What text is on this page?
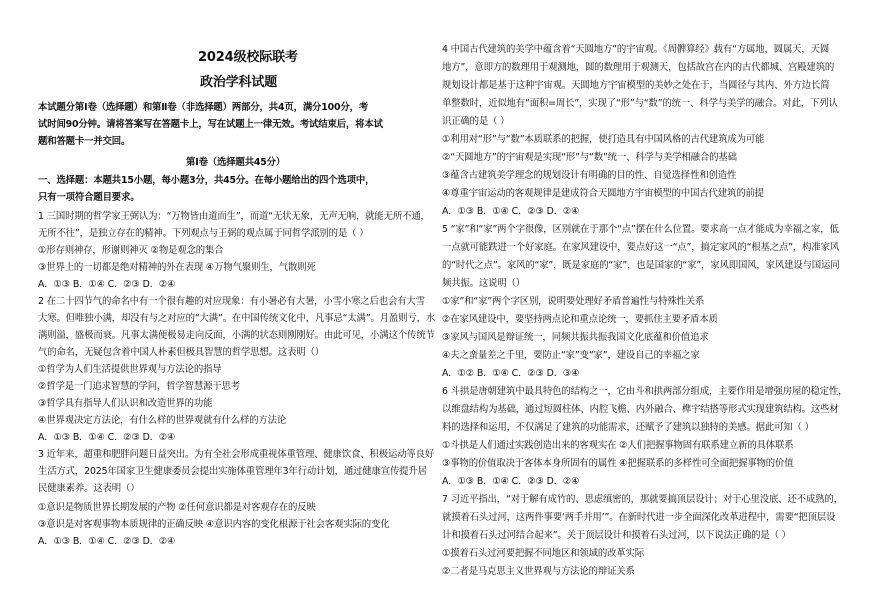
2024级校际联考
政治学科试题
本试题分第Ⅰ卷（选择题）和第Ⅱ卷（非选择题）两部分，共4页，满分100分，考
试时间90分钟。请将答案写在答题卡上，写在试题上一律无效。考试结束后，将本试
题和答题卡一并交回。
第Ⅰ卷（选择题共45分）
一、选择题：本题共15小题，每小题3分，共45分。在每小题给出的四个选项中，
只有一项符合题目要求。
1 三国时期的哲学家王弼认为：“万物皆由道而生”，而道“无状无象，无声无响，就能无所不通，
无所不往”，是独立存在的精神。下列观点与王弼的观点属于同哲学派别的是（ ）
①形存则神存，形谢则神灭 ②物是观念的集合
③世界上的一切都是绝对精神的外在表现 ④万物气聚则生，气散则死
A．①③ B．①④ C．②③ D．②④
2 在二十四节气的命名中有一个很有趣的对应现象：有小暑必有大暑，小雪小寒之后也会有大雪
大寒。但唯独小满，却没有与之对应的“大满”。在中国传统文化中，凡事忌“太满”。月盈则亏，水
满则溢，盛极而衰。凡事太满便极易走向反面，小满的状态则刚刚好。由此可见，小满这个传统节
气的命名，无疑包含着中国人朴素但极具智慧的哲学思想。这表明（）
①哲学为人们生活提供世界观与方法论的指导
②哲学是一门追求智慧的学问，哲学智慧源于思考
③哲学具有指导人们认识和改造世界的功能
④世界观决定方法论，有什么样的世界观就有什么样的方法论
A．①③ B．①④ C．②③ D．②④
3 近年来，超重和肥胖问题日益突出。为有全社会形成重视体重管理、健康饮食、积极运动等良好
生活方式，2025年国家卫生健康委员会提出实施体重管理年3年行动计划，通过健康宣传提升居
民健康素养。这表明（）
①意识是物质世界长期发展的产物 ②任何意识都是对客观存在的反映
③意识是对客观事物本质规律的正确反映 ④意识内容的变化根源于社会客观实际的变化
A．①③ B．①④ C．②③ D．②④
4 中国古代建筑的美学中蕴含着“天圆地方”的宇宙观。《周髀算经》载有“方属地，圆属天，天圆
地方”，意即方的数理用于观测地，圆的数理用于观测天，包括故宫在内的古代都城、宫殿建筑的
规划设计都是基于这种宇宙观。天圆地方宇宙模型的美妙之处在于，当圆径与其内、外方边长简
单整数时，近似地有“面积=周长”，实现了“形”与“数”的统一、科学与美学的融合。对此，下列认
识正确的是（ ）
①利用对“形”与“数”本质联系的把握，使打造具有中国风格的古代建筑成为可能
②“天圆地方”的宇宙观是实现“形”与“数”统一、科学与美学相融合的基础
③蕴含古建筑美学理念的规划设计有明确的目的性、自觉选择性和创造性
④尊重宇宙运动的客观规律是建成符合天圆地方宇宙模型的中国古代建筑的前提
A．①③ B．①④ C．②③ D．②④
5 “家”和“家”两个字很像，区别就在于那个“点”摆在什么位置。要求高一点才能成为幸福之家，低
一点就可能跌进一个好家庭。在家风建设中，要点好这一“点”，搞定家风的“根基之点”，构准家风
的“时代之点”。家风的“家”，既是家庭的“家”，也是国家的“家”，家风即国风，家风建设与国运同
频共振。这说明（）
①家”和“家”两个字区别，说明要处理好矛盾普遍性与特殊性关系
②在家风建设中，要坚持两点论和重点论统一，要抓住主要矛盾本质
③家风与国风是辩证统一，同频共振共振我国文化底蕴和价值追求
④夫之蛮量差之千里，要防止“家”变“家”，建设自己的幸福之家
A．①② B．①④ C．②③ D．③④
6 斗拱是唐朝建筑中最具特色的结构之一，它由斗和拱两部分组成，主要作用是增强房屋的稳定性，
以维盘结构为基础，通过短圆柱体、内腔飞檐、内外融合、榫宇结搭等形式实现建筑结构。这些材
料的选择和运用，不仅满足了建筑的功能需求，还赋予了建筑以独特的美感。据此可知（ ）
①斗拱是人们通过实践创造出来的客观实在 ②人们把握事物固有联系建立新的具体联系
③事物的价值取决于客体本身所固有的属性 ④把握联系的多样性可全面把握事物的价值
A．①③ B．①④ C．②③ D．②④
7 习近平指出，“对于解有成竹的、思虑缜密的，那就要搞顶层设计；对于心里没底、还不成熟的，
就摸着石头过河，这两件事要‘两手并用’”。在新时代进一步全面深化改革进程中，需要“把顶层设
计和摸着石头过河结合起来”。关于顶层设计和摸着石头过河，以下说法正确的是（ ）
①摸着石头过河要把握不同地区和领域的改革实际
②二者是马克思主义世界观与方法论的辩证关系
